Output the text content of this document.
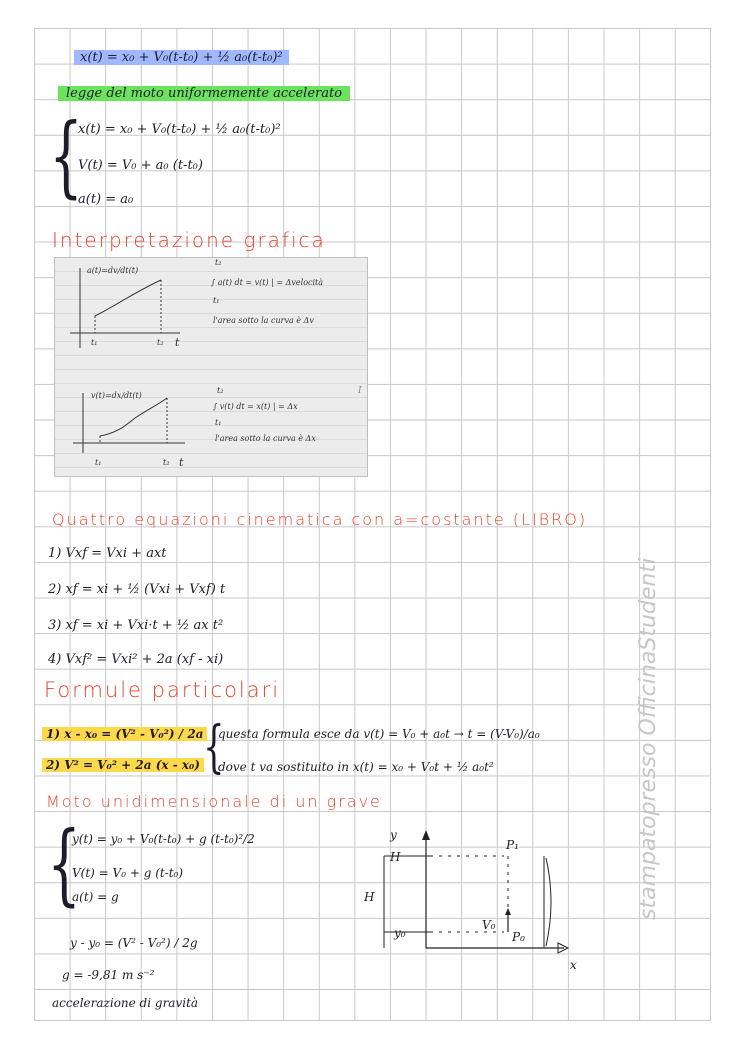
x(t) = x₀ + V₀(t-t₀) + ½ a₀(t-t₀)²
legge del moto uniformemente accelerato
{
x(t) = x₀ + V₀(t-t₀) + ½ a₀(t-t₀)²
V(t) = V₀ + a₀ (t-t₀)
a(t) = a₀
Interpretazione grafica
a(t)=dv/dt(t)
t₁	t₂ t
t₂
∫ a(t) dt = v(t) | = Δvelocità
t₁
l'area sotto la curva è Δv
v(t)=dx/dt(t)
t₁	t₂ t
t₂
∫ v(t) dt = x(t) | = Δx
t₁
l'area sotto la curva è Δx
I
Quattro equazioni cinematica con a=costante (LIBRO)
1) Vxf = Vxi + axt
2) xf = xi + ½ (Vxi + Vxf) t
3) xf = xi + Vxi·t + ½ ax t²
4) Vxf² = Vxi² + 2a (xf - xi)
Formule particolari
1) x - x₀ = (V² - V₀²) / 2a
2) V² = V₀² + 2a (x - x₀) {
questa formula esce da v(t) = V₀ + a₀t → t = (V-V₀)/a₀
dove t va sostituito in x(t) = x₀ + V₀t + ½ a₀t²
Moto unidimensionale di un grave
{
y(t) = y₀ + V₀(t-t₀) + g (t-t₀)²/2
V(t) = V₀ + g (t-t₀)
a(t) = g
y - y₀ = (V² - V₀²) / 2g
g = -9,81 m s⁻²
accelerazione di gravità
y
x
H
y₀
P₁
P₀
V₀
H	stampatopresso OfficinaStudenti
